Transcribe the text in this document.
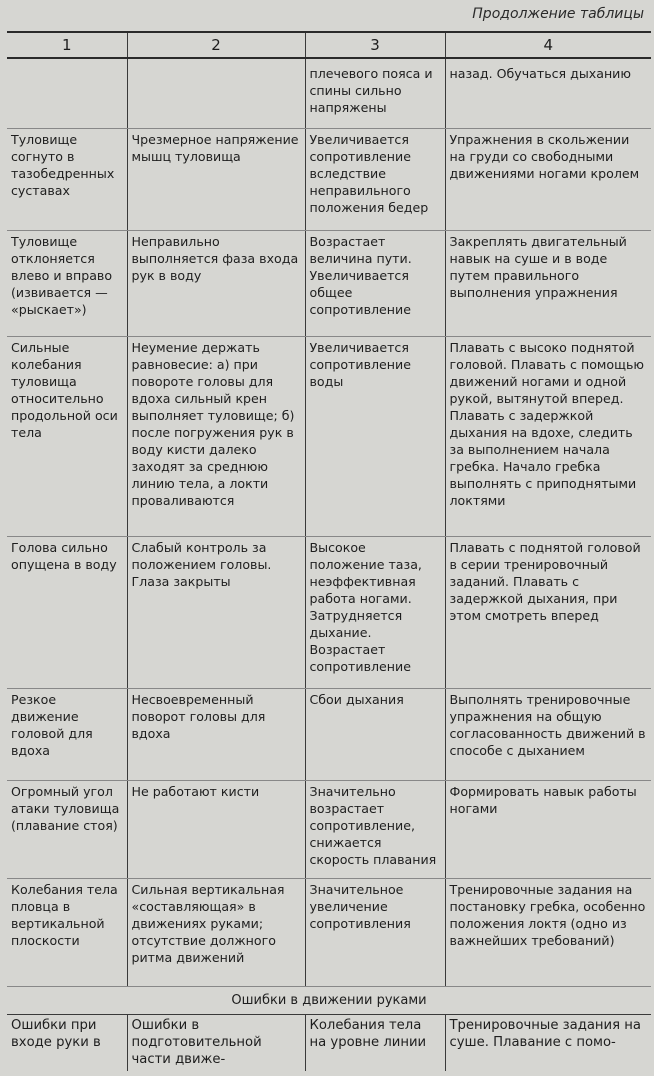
Продолжение таблицы
1	2	3	4
		плечевого пояса и спины сильно напряжены	назад. Обучаться дыханию
Туловище согнуто в тазобедренных суставах	Чрезмерное напряжение мышц туловища	Увеличивается сопротивление вследствие неправильного положения бедер	Упражнения в скольжении на груди со свободными движениями ногами кролем
Туловище отклоняется влево и вправо (извивается — «рыскает»)	Неправильно выполняется фаза входа рук в воду	Возрастает величина пути. Увеличивается общее сопротивление	Закреплять двигательный навык на суше и в воде путем правильного выполнения упражнения
Сильные колебания туловища относительно продольной оси тела	Неумение держать равновесие: а) при повороте головы для вдоха сильный крен выполняет туловище; б) после погружения рук в воду кисти далеко заходят за среднюю линию тела, а локти проваливаются	Увеличивается сопротивление воды	Плавать с высоко поднятой головой. Плавать с помощью движений ногами и одной рукой, вытянутой вперед. Плавать с задержкой дыхания на вдохе, следить за выполнением начала гребка. Начало гребка выполнять с приподнятыми локтями
Голова сильно опущена в воду	Слабый контроль за положением головы. Глаза закрыты	Высокое положение таза, неэффективная работа ногами. Затрудняется дыхание. Возрастает сопротивление	Плавать с поднятой головой в серии тренировочный заданий. Плавать с задержкой дыхания, при этом смотреть вперед
Резкое движение головой для вдоха	Несвоевременный поворот головы для вдоха	Сбои дыхания	Выполнять тренировочные упражнения на общую согласованность движений в способе с дыханием
Огромный угол атаки туловища (плавание стоя)	Не работают кисти	Значительно возрастает сопротивление, снижается скорость плавания	Формировать навык работы ногами
Колебания тела пловца в вертикальной плоскости	Сильная вертикальная «составляющая» в движениях руками; отсутствие должного ритма движений	Значительное увеличение сопротивления	Тренировочные задания на постановку гребка, особенно положения локтя (одно из важнейших требований)
Ошибки в движении руками			
Ошибки при входе руки в	Ошибки в подготовительной части движе-	Колебания тела на уровне линии	Тренировочные задания на суше. Плавание с помо-
